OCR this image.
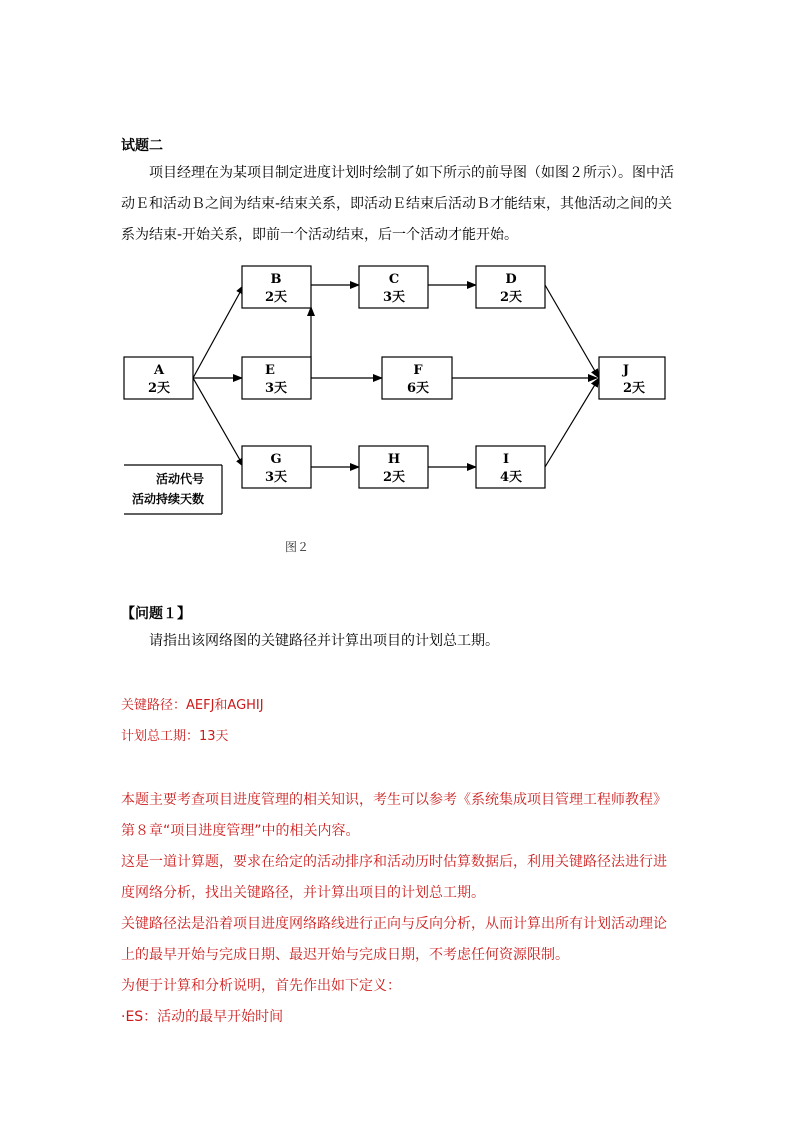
试题二
项目经理在为某项目制定进度计划时绘制了如下所示的前导图（如图２所示）。图中活
动Ｅ和活动Ｂ之间为结束-结束关系，即活动Ｅ结束后活动Ｂ才能结束，其他活动之间的关
系为结束-开始关系，即前一个活动结束，后一个活动才能开始。
A
2天
B
2天
C
3天
D
2天
E
3天
F
6天
G
3天
H
2天
I
4天
J
2天
活动代号
活动持续天数
图２
【问题１】
请指出该网络图的关键路径并计算出项目的计划总工期。
关键路径：AEFJ和AGHIJ
计划总工期：13天
本题主要考查项目进度管理的相关知识，考生可以参考《系统集成项目管理工程师教程》
第８章“项目进度管理”中的相关内容。
这是一道计算题，要求在给定的活动排序和活动历时估算数据后，利用关键路径法进行进
度网络分析，找出关键路径，并计算出项目的计划总工期。
关键路径法是沿着项目进度网络路线进行正向与反向分析，从而计算出所有计划活动理论
上的最早开始与完成日期、最迟开始与完成日期，不考虑任何资源限制。
为便于计算和分析说明，首先作出如下定义：
·ES：活动的最早开始时间
